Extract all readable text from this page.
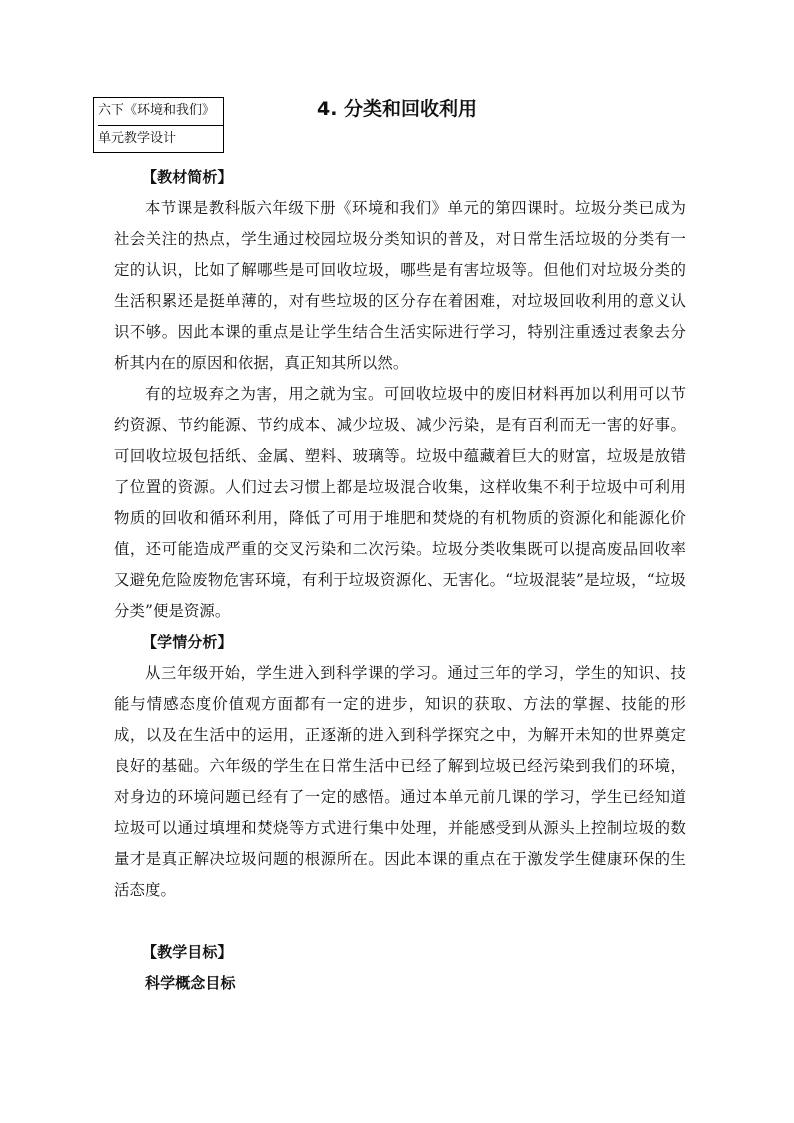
六下《环境和我们》
单元教学设计
4. 分类和回收利用
【教材简析】

本节课是教科版六年级下册《环境和我们》单元的第四课时。垃圾分类已成为社会关注的热点，学生通过校园垃圾分类知识的普及，对日常生活垃圾的分类有一定的认识，比如了解哪些是可回收垃圾，哪些是有害垃圾等。但他们对垃圾分类的生活积累还是挺单薄的，对有些垃圾的区分存在着困难，对垃圾回收利用的意义认识不够。因此本课的重点是让学生结合生活实际进行学习，特别注重透过表象去分析其内在的原因和依据，真正知其所以然。

有的垃圾弃之为害，用之就为宝。可回收垃圾中的废旧材料再加以利用可以节约资源、节约能源、节约成本、减少垃圾、减少污染，是有百利而无一害的好事。可回收垃圾包括纸、金属、塑料、玻璃等。垃圾中蕴藏着巨大的财富，垃圾是放错了位置的资源。人们过去习惯上都是垃圾混合收集，这样收集不利于垃圾中可利用物质的回收和循环利用，降低了可用于堆肥和焚烧的有机物质的资源化和能源化价值，还可能造成严重的交叉污染和二次污染。垃圾分类收集既可以提高废品回收率又避免危险废物危害环境，有利于垃圾资源化、无害化。“垃圾混装”是垃圾，“垃圾分类”便是资源。

【学情分析】

从三年级开始，学生进入到科学课的学习。通过三年的学习，学生的知识、技能与情感态度价值观方面都有一定的进步，知识的获取、方法的掌握、技能的形成，以及在生活中的运用，正逐渐的进入到科学探究之中，为解开未知的世界奠定良好的基础。六年级的学生在日常生活中已经了解到垃圾已经污染到我们的环境，对身边的环境问题已经有了一定的感悟。通过本单元前几课的学习，学生已经知道垃圾可以通过填埋和焚烧等方式进行集中处理，并能感受到从源头上控制垃圾的数量才是真正解决垃圾问题的根源所在。因此本课的重点在于激发学生健康环保的生活态度。

【教学目标】
科学概念目标
